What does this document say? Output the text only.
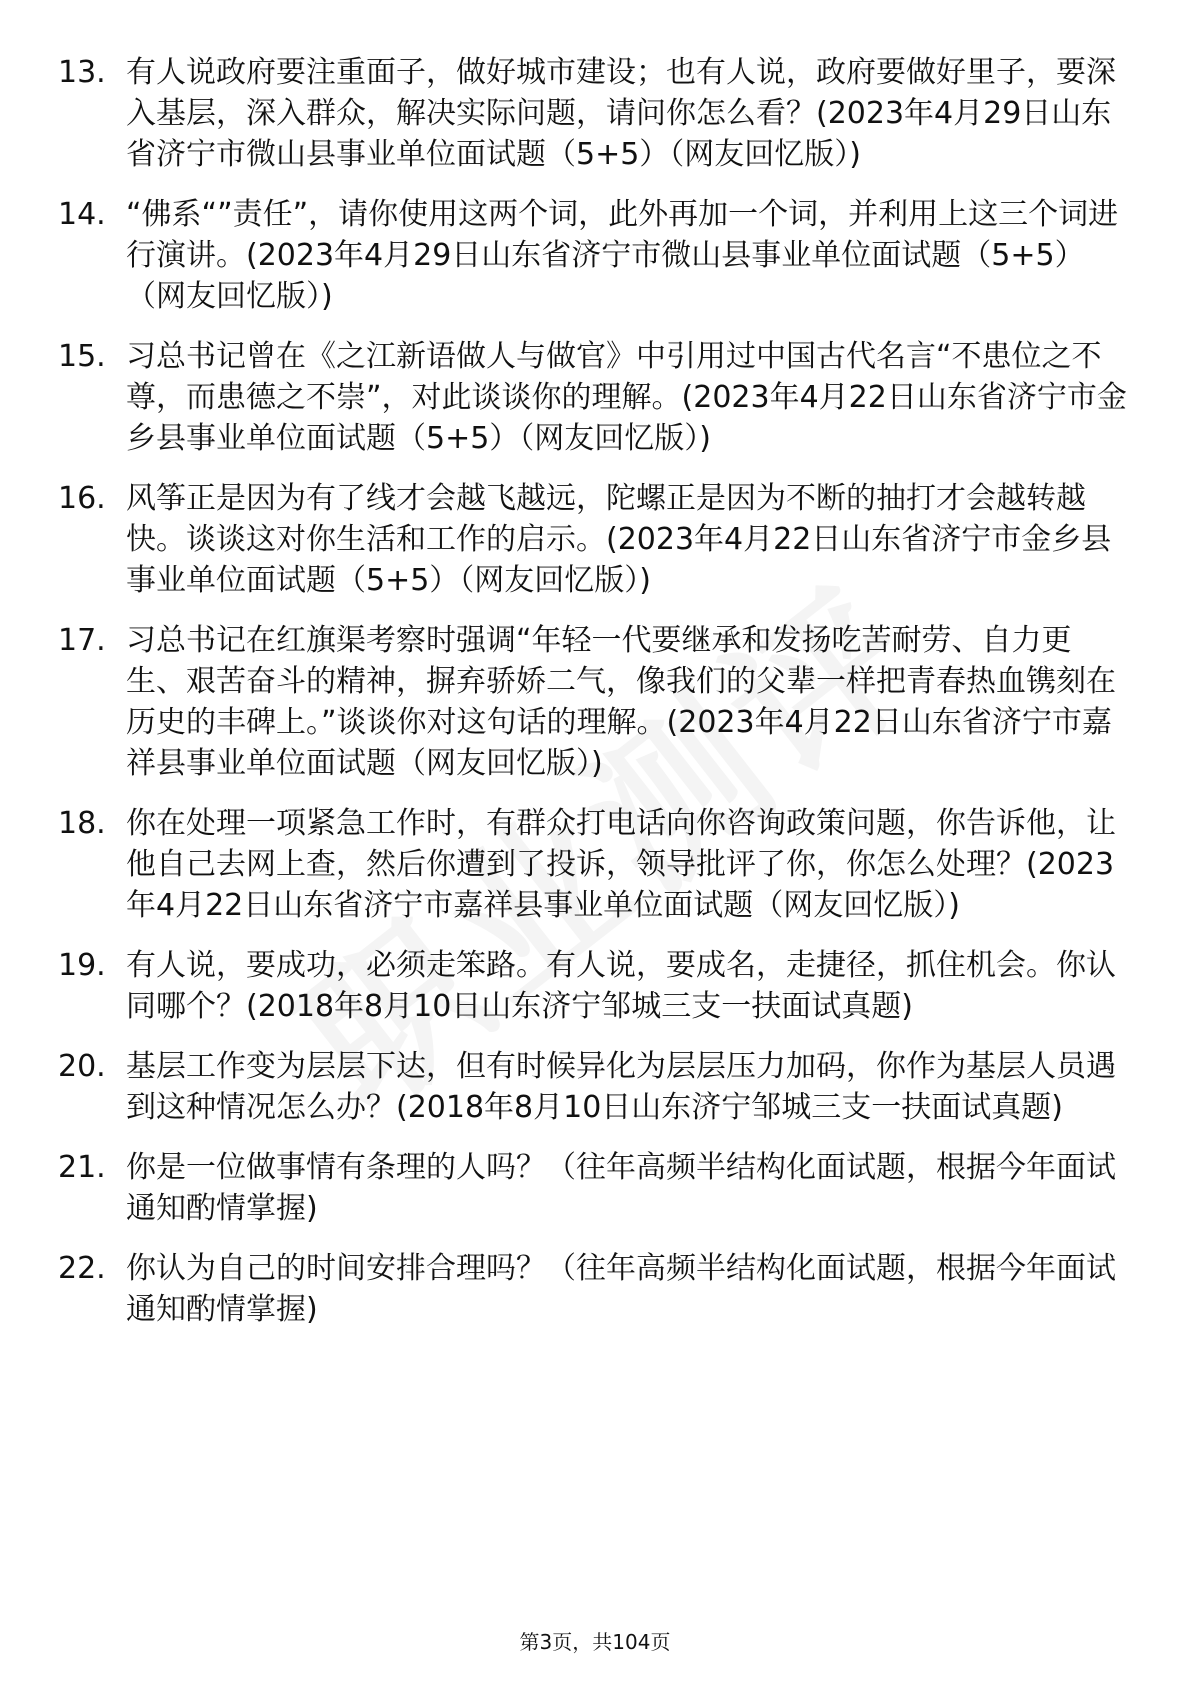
13. 有人说政府要注重面子，做好城市建设；也有人说，政府要做好里子，要深入基层，深入群众，解决实际问题，请问你怎么看？(2023年4月29日山东省济宁市微山县事业单位面试题（5+5）（网友回忆版）)
14. “佛系“”责任”，请你使用这两个词，此外再加一个词，并利用上这三个词进行演讲。(2023年4月29日山东省济宁市微山县事业单位面试题（5+5）（网友回忆版）)
15. 习总书记曾在《之江新语做人与做官》中引用过中国古代名言“不患位之不尊，而患德之不崇”，对此谈谈你的理解。(2023年4月22日山东省济宁市金乡县事业单位面试题（5+5）（网友回忆版）)
16. 风筝正是因为有了线才会越飞越远，陀螺正是因为不断的抽打才会越转越快。谈谈这对你生活和工作的启示。(2023年4月22日山东省济宁市金乡县事业单位面试题（5+5）（网友回忆版）)
17. 习总书记在红旗渠考察时强调“年轻一代要继承和发扬吃苦耐劳、自力更生、艰苦奋斗的精神，摒弃骄娇二气，像我们的父辈一样把青春热血镌刻在历史的丰碑上。”谈谈你对这句话的理解。(2023年4月22日山东省济宁市嘉祥县事业单位面试题（网友回忆版）)
18. 你在处理一项紧急工作时，有群众打电话向你咨询政策问题，你告诉他，让他自己去网上查，然后你遭到了投诉，领导批评了你，你怎么处理？(2023年4月22日山东省济宁市嘉祥县事业单位面试题（网友回忆版）)
19. 有人说，要成功，必须走笨路。有人说，要成名，走捷径，抓住机会。你认同哪个？(2018年8月10日山东济宁邹城三支一扶面试真题)
20. 基层工作变为层层下达，但有时候异化为层层压力加码，你作为基层人员遇到这种情况怎么办？(2018年8月10日山东济宁邹城三支一扶面试真题)
21. 你是一位做事情有条理的人吗？（往年高频半结构化面试题，根据今年面试通知酌情掌握)
22. 你认为自己的时间安排合理吗？（往年高频半结构化面试题，根据今年面试通知酌情掌握)
第3页，共104页
